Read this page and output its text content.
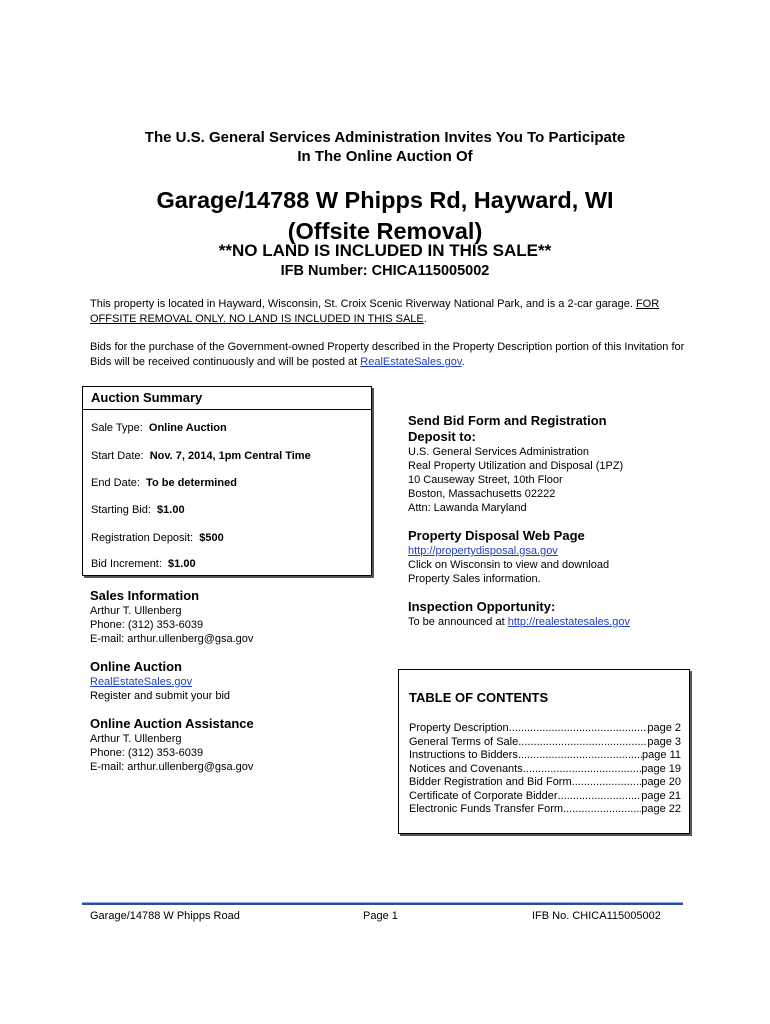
The U.S. General Services Administration Invites You To Participate
In The Online Auction Of
Garage/14788 W Phipps Rd, Hayward, WI
(Offsite Removal)
**NO LAND IS INCLUDED IN THIS SALE**
IFB Number: CHICA115005002

This property is located in Hayward, Wisconsin, St. Croix Scenic Riverway National Park, and is a 2-car garage. FOR OFFSITE REMOVAL ONLY. NO LAND IS INCLUDED IN THIS SALE.

Bids for the purchase of the Government-owned Property described in the Property Description portion of this Invitation for Bids will be received continuously and will be posted at RealEstateSales.gov.

Auction Summary
Sale Type: Online Auction
Start Date: Nov. 7, 2014, 1pm Central Time
End Date: To be determined
Starting Bid: $1.00
Registration Deposit: $500
Bid Increment: $1.00
Sales Information
Arthur T. Ullenberg
Phone: (312) 353-6039
E-mail: arthur.ullenberg@gsa.gov
Online Auction
RealEstateSales.gov
Register and submit your bid
Online Auction Assistance
Arthur T. Ullenberg
Phone: (312) 353-6039
E-mail: arthur.ullenberg@gsa.gov
Send Bid Form and Registration
Deposit to:
U.S. General Services Administration
Real Property Utilization and Disposal (1PZ)
10 Causeway Street, 10th Floor
Boston, Massachusetts 02222
Attn: Lawanda Maryland
Property Disposal Web Page
http://propertydisposal.gsa.gov
Click on Wisconsin to view and download
Property Sales information.
Inspection Opportunity:
To be announced at http://realestatesales.gov
TABLE OF CONTENTS
Property Description .....	page 2
General Terms of Sale .....	page 3
Instructions to Bidders .....	page 11
Notices and Covenants .....	page 19
Bidder Registration and Bid Form .....	page 20
Certificate of Corporate Bidder .....	page 21
Electronic Funds Transfer Form .....	page 22
Garage/14788 W Phipps Road	Page 1	IFB No. CHICA115005002
